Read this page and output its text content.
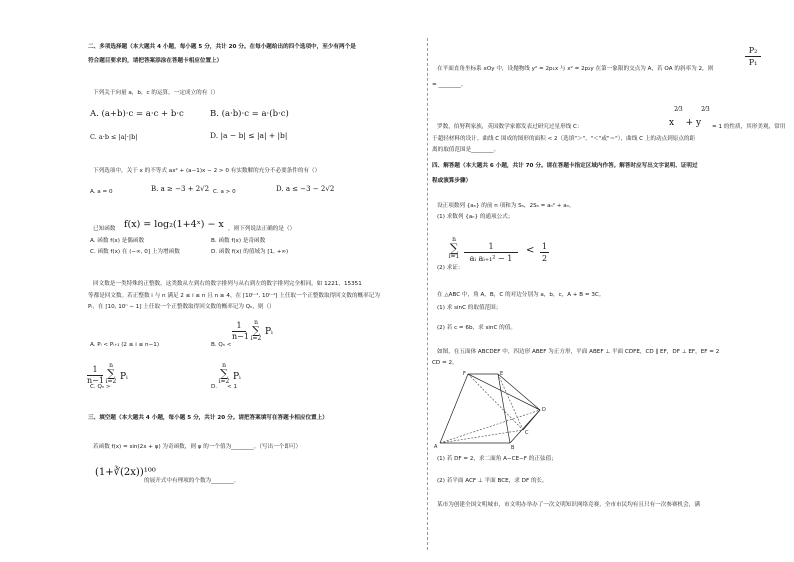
二、多项选择题（本大题共 4 小题，每小题 5 分，共计 20 分。在每小题给出的四个选项中，至少有两个是
符合题目要求的，请把答案添涂在答题卡相应位置上）
下列关于向量 a，b，c 的运算，一定成立的有（）
A. (a+b)·c = a·c + b·c	B. (a·b)·c = a·(b·c)
C. a·b ≤ |a|·|b|	D. |a − b| ≤ |a| + |b|
下列选项中，关于 x 的不等式 ax² + (a−1)x − 2 > 0 有实数解的充分不必要条件的有（）
A. a = 0	B. a ≥ −3 + 2√2 C. a > 0	D. a ≤ −3 − 2√2
已知函数 f(x) = log₂(1+4ˣ) − x ，则下列说法正确的是（）
A. 函数 f(x) 是偶函数	B. 函数 f(x) 是奇函数
C. 函数 f(x) 在 (−∞, 0] 上为增函数	D. 函数 f(x) 的值域为 [1, +∞)
回文数是一类特殊的正整数，这类数从左到右的数字排列与从右到左的数字排列完全相同，如 1221，15351
等都是回文数。若正整数 i 与 n 满足 2 ≤ i ≤ n 且 n ≥ 4，在 [10ⁱ⁻¹, 10ⁱ⁻¹] 上任取一个正整数取得回文数的概率记为
Pᵢ，在 [10, 10ⁿ − 1] 上任取一个正整数取得回文数的概率记为 Qₙ，则（）
A. Pᵢ < Pᵢ₊₁ (2 ≤ i ≤ n−1)	B. Qₙ <
$\frac{1}{n-1}$	n
∑
i=2
Pᵢ
$\frac{1}{n-1}$	n
∑
i=2 Pᵢ
C. Qₙ >
n
∑
i=2 Pᵢ
D. < 1
三、填空题（本大题共 4 小题，每小题 5 分，共计 20 分。请把答案填写在答题卡相应位置上）
若函数 f(x) = sin(2x + φ) 为奇函数，则 φ 的一个值为________。（写出一个即可）
(1+∛(2x))¹⁰⁰
的展开式中有理项的个数为________。
$\frac{\text{P₂}}{\text{P₁}}$
在平面直角坐标系 xOy 中，设抛物线 y² = 2p₁x 与 x² = 2p₂y 在第一象限的交点为 A，若 OA 的斜率为 2，则
= ________。
罗数，伯努利家族，英国数学家都发表过研究过星形线 C：	x2⁄3 + y2⁄3
= 1 的性质，其形美观，常用
于超轻材料的设计。曲线 C 围成的图形的面积 < 2（选填"＞"、"＜"或"＝"），曲线 C 上的动点到原点的距
离的取值范围是________。
四、解答题（本大题共 6 小题，共计 70 分。请在答题卡指定区域内作答。解答时应写出文字说明、证明过
程或演算步骤）
设正项数列 {aₙ} 的前 n 项和为 Sₙ，2Sₙ = aₙ² + aₙ。
(1) 求数列 {aₙ} 的通项公式；
n
∑
$i=1 \frac{1}{\text{aᵢ aᵢ₊₁² − 1}} < \frac{1}{2}$
(2) 求证：
在 △ABC 中，角 A，B，C 的对边分别为 a，b，c，A + B = 3C。
(1) 求 sinC 的取值范围；
(2) 若 c = 6b，求 sinC 的值。
如图，在五面体 ABCDEF 中，四边形 ABEF 为正方形，平面 ABEF ⊥ 平面 CDFE，CD ∥ EF，DF ⊥ EF，EF = 2
CD = 2。
F	E
D
C
A	B
(1) 若 DF = 2，求二面角 A−CE−F 的正弦值；
(2) 若平面 ACF ⊥ 平面 BCE，求 DF 的长。
某市为创建全国文明城市，市文明办举办了一次文明知识网络竞赛，全市市民均有且只有一次参赛机会，满
